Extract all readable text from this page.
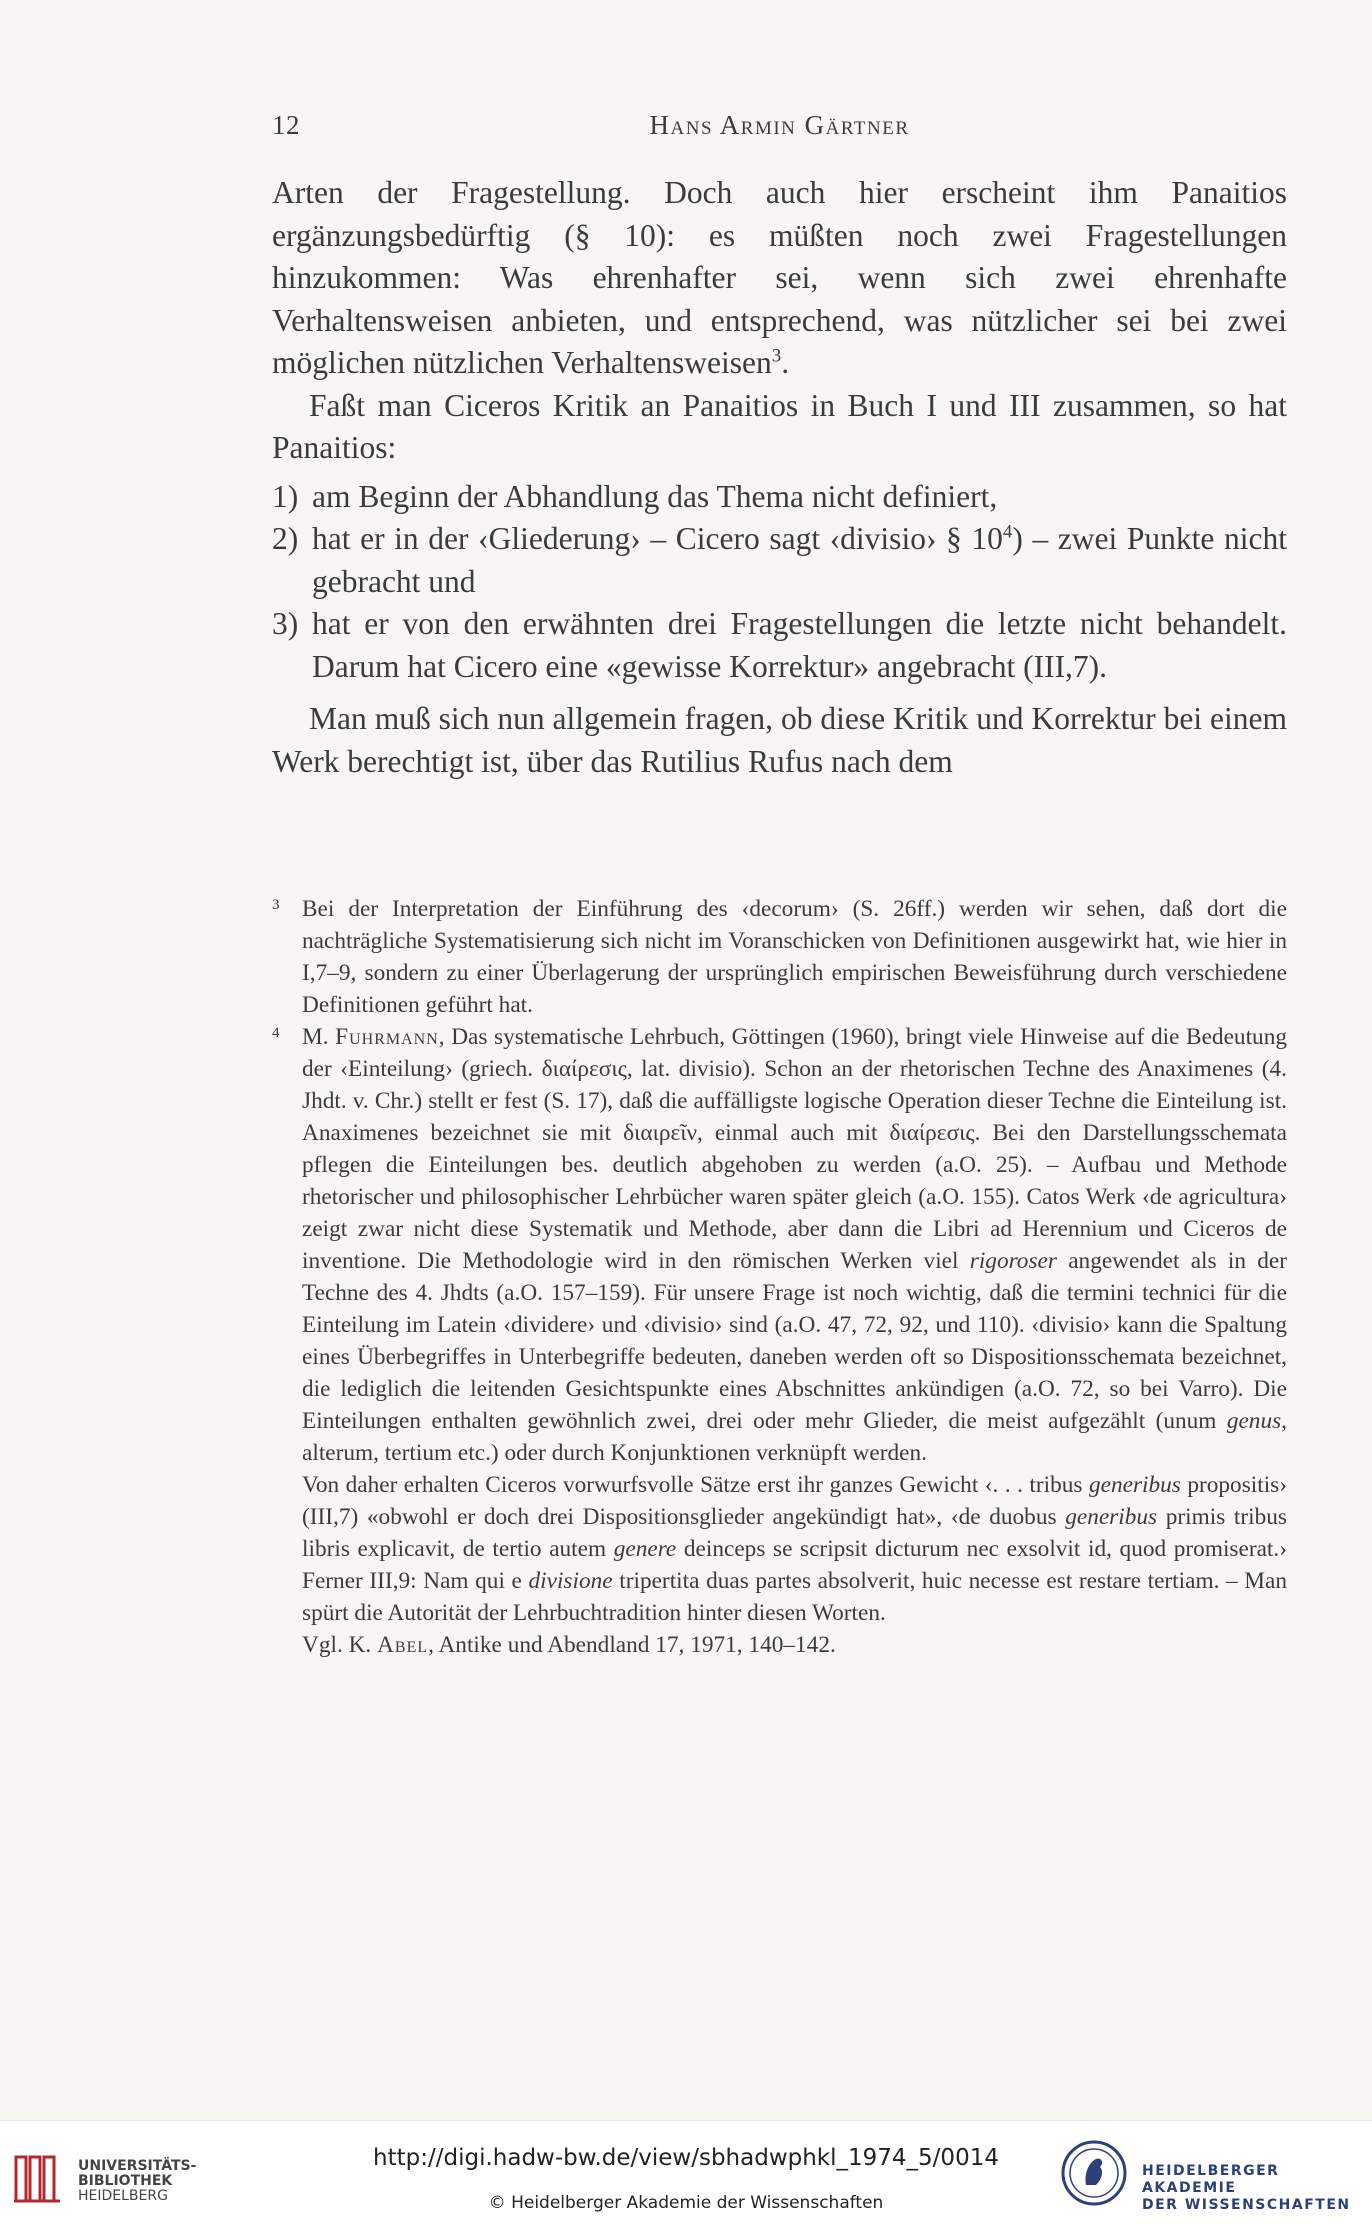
12	Hans Armin Gärtner

Arten der Fragestellung. Doch auch hier erscheint ihm Panaitios ergänzungsbedürftig (§ 10): es müßten noch zwei Fragestellungen hinzukommen: Was ehrenhafter sei, wenn sich zwei ehrenhafte Verhaltensweisen anbieten, und entsprechend, was nützlicher sei bei zwei möglichen nützlichen Verhaltensweisen$^3$.

Faßt man Ciceros Kritik an Panaitios in Buch I und III zusammen, so hat Panaitios:

1) am Beginn der Abhandlung das Thema nicht definiert,
2) hat er in der ‹Gliederung› – Cicero sagt ‹divisio› § $10^4$) – zwei Punkte nicht gebracht und
3) hat er von den erwähnten drei Fragestellungen die letzte nicht behandelt. Darum hat Cicero eine «gewisse Korrektur» angebracht (III,7).

Man muß sich nun allgemein fragen, ob diese Kritik und Korrektur bei einem Werk berechtigt ist, über das Rutilius Rufus nach dem

3 Bei der Interpretation der Einführung des ‹decorum› (S. 26ff.) werden wir sehen, daß dort die nachträgliche Systematisierung sich nicht im Voranschicken von Definitionen ausgewirkt hat, wie hier in I,7–9, sondern zu einer Überlagerung der ursprünglich empirischen Beweisführung durch verschiedene Definitionen geführt hat.

4 M. Fuhrmann, Das systematische Lehrbuch, Göttingen (1960), bringt viele Hinweise auf die Bedeutung der ‹Einteilung› (griech. διαίρεσις, lat. divisio). Schon an der rhetorischen Techne des Anaximenes (4. Jhdt. v. Chr.) stellt er fest (S. 17), daß die auffälligste logische Operation dieser Techne die Einteilung ist. Anaximenes bezeichnet sie mit διαιρεῖν, einmal auch mit διαίρεσις. Bei den Darstellungsschemata pflegen die Einteilungen bes. deutlich abgehoben zu werden (a.O. 25). – Aufbau und Methode rhetorischer und philosophischer Lehrbücher waren später gleich (a.O. 155). Catos Werk ‹de agricultura› zeigt zwar nicht diese Systematik und Methode, aber dann die Libri ad Herennium und Ciceros de inventione. Die Methodologie wird in den römischen Werken viel rigoroser angewendet als in der Techne des 4. Jhdts (a.O. 157–159). Für unsere Frage ist noch wichtig, daß die termini technici für die Einteilung im Latein ‹dividere› und ‹divisio› sind (a.O. 47, 72, 92, und 110). ‹divisio› kann die Spaltung eines Überbegriffes in Unterbegriffe bedeuten, daneben werden oft so Dispositionsschemata bezeichnet, die lediglich die leitenden Gesichtspunkte eines Abschnittes ankündigen (a.O. 72, so bei Varro). Die Einteilungen enthalten gewöhnlich zwei, drei oder mehr Glieder, die meist aufgezählt (unum genus, alterum, tertium etc.) oder durch Konjunktionen verknüpft werden.

Von daher erhalten Ciceros vorwurfsvolle Sätze erst ihr ganzes Gewicht ‹. . . tribus generibus propositis› (III,7) «obwohl er doch drei Dispositionsglieder angekündigt hat», ‹de duobus generibus primis tribus libris explicavit, de tertio autem genere deinceps se scripsit dicturum nec exsolvit id, quod promiserat.› Ferner III,9: Nam qui e divisione tripertita duas partes absolverit, huic necesse est restare tertiam. – Man spürt die Autorität der Lehrbuchtradition hinter diesen Worten.

Vgl. K. Abel, Antike und Abendland 17, 1971, 140–142.

UNIVERSITÄTS-
BIBLIOTHEK
HEIDELBERG
http://digi.hadw-bw.de/view/sbhadwphkl_1974_5/0014
© Heidelberger Akademie der Wissenschaften
HEIDELBERGER AKADEMIE
DER WISSENSCHAFTEN
